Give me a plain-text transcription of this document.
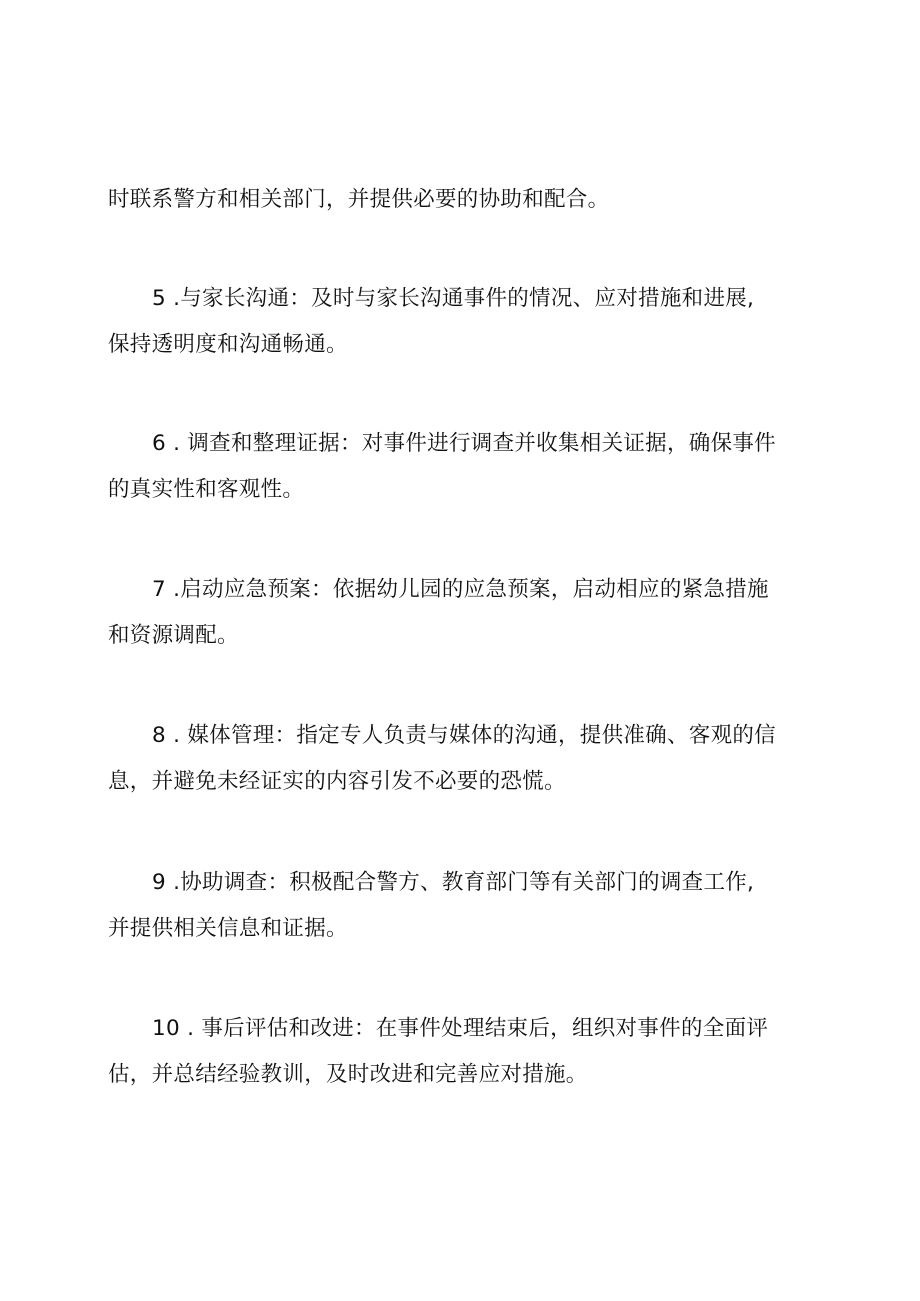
时联系警方和相关部门，并提供必要的协助和配合。
5 .与家长沟通：及时与家长沟通事件的情况、应对措施和进展,
保持透明度和沟通畅通。
6 . 调查和整理证据：对事件进行调查并收集相关证据，确保事件
的真实性和客观性。
7 .启动应急预案：依据幼儿园的应急预案，启动相应的紧急措施
和资源调配。
8 . 媒体管理：指定专人负责与媒体的沟通，提供准确、客观的信
息，并避免未经证实的内容引发不必要的恐慌。
9 .协助调查：积极配合警方、教育部门等有关部门的调查工作,
并提供相关信息和证据。
10 . 事后评估和改进：在事件处理结束后，组织对事件的全面评
估，并总结经验教训，及时改进和完善应对措施。
